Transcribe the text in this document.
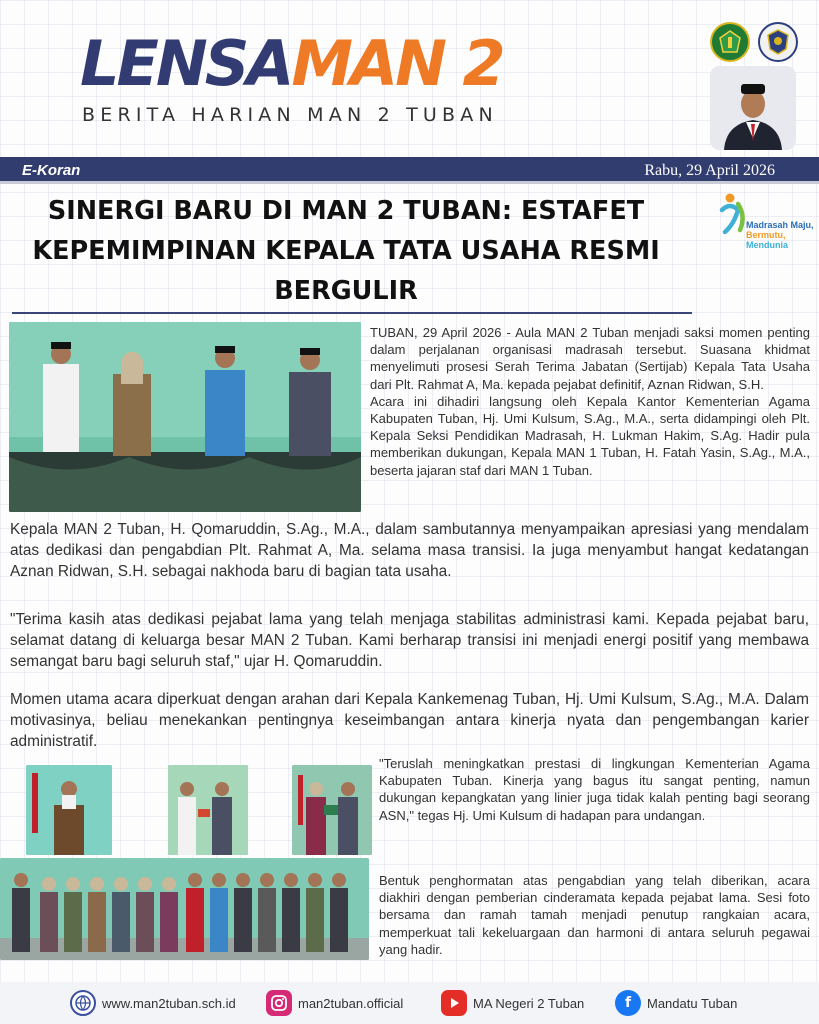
LENSAMAN 2
BERITA HARIAN MAN 2 TUBAN
E-Koran	Rabu, 29 April 2026
SINERGI BARU DI MAN 2 TUBAN: ESTAFET KEPEMIMPINAN KEPALA TATA USAHA RESMI BERGULIR
Madrasah Maju,
Bermutu,
Mendunia

TUBAN, 29 April 2026 - Aula MAN 2 Tuban menjadi saksi momen penting dalam perjalanan organisasi madrasah tersebut. Suasana khidmat menyelimuti prosesi Serah Terima Jabatan (Sertijab) Kepala Tata Usaha dari Plt. Rahmat A, Ma. kepada pejabat definitif, Aznan Ridwan, S.H.

Acara ini dihadiri langsung oleh Kepala Kantor Kementerian Agama Kabupaten Tuban, Hj. Umi Kulsum, S.Ag., M.A., serta didampingi oleh Plt. Kepala Seksi Pendidikan Madrasah, H. Lukman Hakim, S.Ag. Hadir pula memberikan dukungan, Kepala MAN 1 Tuban, H. Fatah Yasin, S.Ag., M.A., beserta jajaran staf dari MAN 1 Tuban.

Kepala MAN 2 Tuban, H. Qomaruddin, S.Ag., M.A., dalam sambutannya menyampaikan apresiasi yang mendalam atas dedikasi dan pengabdian Plt. Rahmat A, Ma. selama masa transisi. Ia juga menyambut hangat kedatangan Aznan Ridwan, S.H. sebagai nakhoda baru di bagian tata usaha.

"Terima kasih atas dedikasi pejabat lama yang telah menjaga stabilitas administrasi kami. Kepada pejabat baru, selamat datang di keluarga besar MAN 2 Tuban. Kami berharap transisi ini menjadi energi positif yang membawa semangat baru bagi seluruh staf," ujar H. Qomaruddin.

Momen utama acara diperkuat dengan arahan dari Kepala Kankemenag Tuban, Hj. Umi Kulsum, S.Ag., M.A. Dalam motivasinya, beliau menekankan pentingnya keseimbangan antara kinerja nyata dan pengembangan karier administratif.

"Teruslah meningkatkan prestasi di lingkungan Kementerian Agama Kabupaten Tuban. Kinerja yang bagus itu sangat penting, namun dukungan kepangkatan yang linier juga tidak kalah penting bagi seorang ASN," tegas Hj. Umi Kulsum di hadapan para undangan.

Bentuk penghormatan atas pengabdian yang telah diberikan, acara diakhiri dengan pemberian cinderamata kepada pejabat lama. Sesi foto bersama dan ramah tamah menjadi penutup rangkaian acara, memperkuat tali kekeluargaan dan harmoni di antara seluruh pegawai yang hadir.

www.man2tuban.sch.id	man2tuban.official	MA Negeri 2 Tuban	f	Mandatu Tuban
